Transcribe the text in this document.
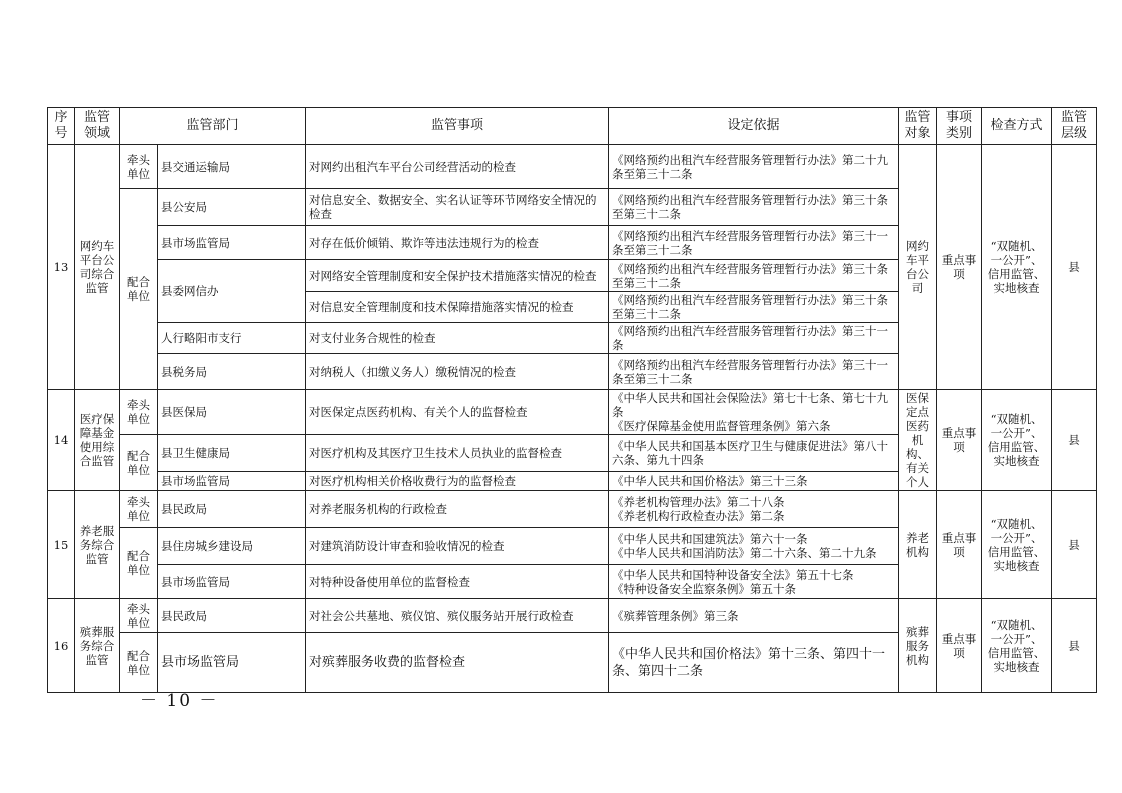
序号	监管领域	监管部门		监管事项	设定依据	监管对象	事项类别	检查方式	监管层级
13	网约车平台公司综合监管	牵头单位	县交通运输局	对网约出租汽车平台公司经营活动的检查	《网络预约出租汽车经营服务管理暂行办法》第二十九条至第三十二条	网约车平台公司	重点事项	“双随机、一公开”、信用监管、实地核查	县
		配合单位	县公安局	对信息安全、数据安全、实名认证等环节网络安全情况的检查	《网络预约出租汽车经营服务管理暂行办法》第三十条至第三十二条				
			县市场监管局	对存在低价倾销、欺诈等违法违规行为的检查	《网络预约出租汽车经营服务管理暂行办法》第三十一条至第三十二条				
			县委网信办	对网络安全管理制度和安全保护技术措施落实情况的检查	《网络预约出租汽车经营服务管理暂行办法》第三十条至第三十二条				
				对信息安全管理制度和技术保障措施落实情况的检查	《网络预约出租汽车经营服务管理暂行办法》第三十条至第三十二条				
			人行略阳市支行	对支付业务合规性的检查	《网络预约出租汽车经营服务管理暂行办法》第三十一条				
			县税务局	对纳税人（扣缴义务人）缴税情况的检查	《网络预约出租汽车经营服务管理暂行办法》第三十一条至第三十二条				
14	医疗保障基金使用综合监管	牵头单位	县医保局	对医保定点医药机构、有关个人的监督检查	《中华人民共和国社会保险法》第七十七条、第七十九条
《医疗保障基金使用监督管理条例》第六条	医保定点医药机构、有关个人	重点事项	“双随机、一公开”、信用监管、实地核查	县
		配合单位	县卫生健康局	对医疗机构及其医疗卫生技术人员执业的监督检查	《中华人民共和国基本医疗卫生与健康促进法》第八十六条、第九十四条				
			县市场监管局	对医疗机构相关价格收费行为的监督检查	《中华人民共和国价格法》第三十三条				
15	养老服务综合监管	牵头单位	县民政局	对养老服务机构的行政检查	《养老机构管理办法》第二十八条
《养老机构行政检查办法》第二条	养老机构	重点事项	“双随机、一公开”、信用监管、实地核查	县
		配合单位	县住房城乡建设局	对建筑消防设计审查和验收情况的检查	《中华人民共和国建筑法》第六十一条
《中华人民共和国消防法》第二十六条、第二十九条				

			县市场监管局	对特种设备使用单位的监督检查	《中华人民共和国特种设备安全法》第五十七条
《特种设备安全监察条例》第五十条				

16	殡葬服务综合监管	牵头单位	县民政局	对社会公共墓地、殡仪馆、殡仪服务站开展行政检查	《殡葬管理条例》第三条	殡葬服务机构	重点事项	“双随机、一公开”、信用监管、实地核查	县
		配合单位	县市场监管局	对殡葬服务收费的监督检查	《中华人民共和国价格法》第十三条、第四十一条、第四十二条				
－ 10 －
